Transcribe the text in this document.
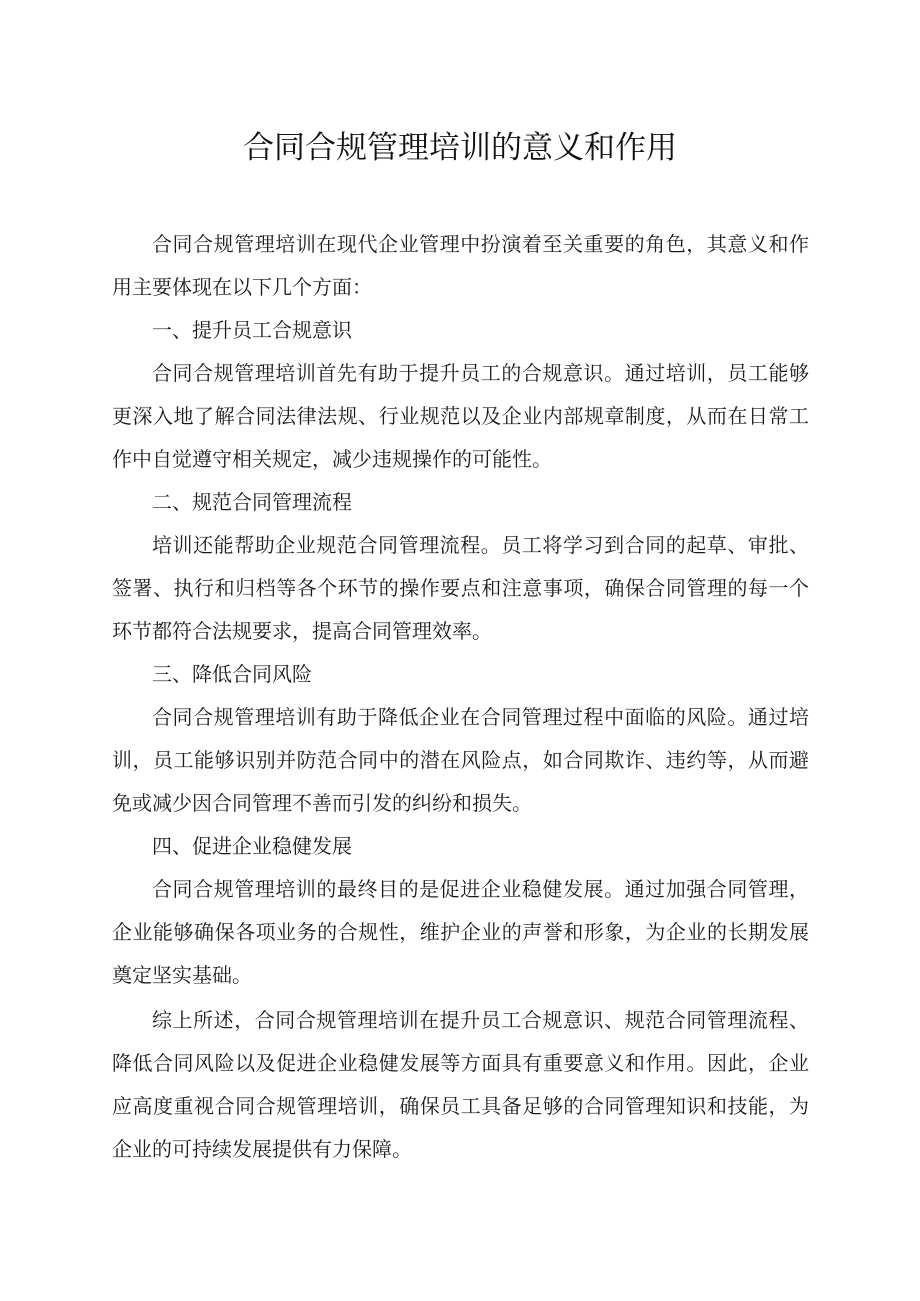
合同合规管理培训的意义和作用

合同合规管理培训在现代企业管理中扮演着至关重要的角色，其意义和作用主要体现在以下几个方面：

一、提升员工合规意识

合同合规管理培训首先有助于提升员工的合规意识。通过培训，员工能够更深入地了解合同法律法规、行业规范以及企业内部规章制度，从而在日常工作中自觉遵守相关规定，减少违规操作的可能性。

二、规范合同管理流程

培训还能帮助企业规范合同管理流程。员工将学习到合同的起草、审批、签署、执行和归档等各个环节的操作要点和注意事项，确保合同管理的每一个环节都符合法规要求，提高合同管理效率。

三、降低合同风险

合同合规管理培训有助于降低企业在合同管理过程中面临的风险。通过培训，员工能够识别并防范合同中的潜在风险点，如合同欺诈、违约等，从而避免或减少因合同管理不善而引发的纠纷和损失。

四、促进企业稳健发展

合同合规管理培训的最终目的是促进企业稳健发展。通过加强合同管理，企业能够确保各项业务的合规性，维护企业的声誉和形象，为企业的长期发展奠定坚实基础。

综上所述，合同合规管理培训在提升员工合规意识、规范合同管理流程、降低合同风险以及促进企业稳健发展等方面具有重要意义和作用。因此，企业应高度重视合同合规管理培训，确保员工具备足够的合同管理知识和技能，为企业的可持续发展提供有力保障。
